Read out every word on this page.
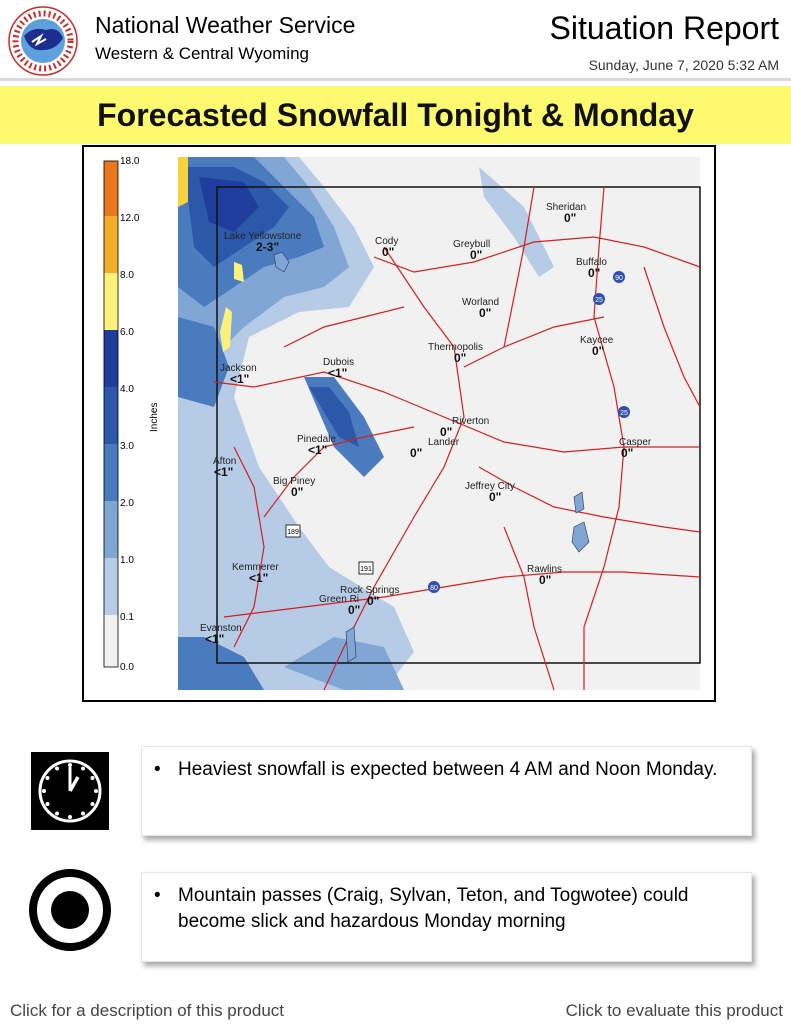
National Weather Service
Western & Central Wyoming
Situation Report
Sunday, June 7, 2020 5:32 AM
Forecasted Snowfall Tonight & Monday
90
25
25
189
191
80
Lake Yellowstone
2-3"	Cody
0"
Greybull
0"
Sheridan
0"
Buffalo
0"
Worland
0"
Thermopolis
0"
Kaycee
0"
Jackson
<1"
Dubois
<1"
Riverton
0"
Lander
0"
Pinedale
<1"
Casper
0"
Afton
<1"
Big Piney
0"	Jeffrey City
0"
Kemmerer
<1"
Rawlins
0"
Rock Springs
0"
Green Ri
0"
Evanston
<1"
18.0
12.0
8.0
6.0
4.0
3.0
2.0
1.0
0.1
0.0
Inches
• Heaviest snowfall is expected between 4 AM and Noon Monday.
• Mountain passes (Craig, Sylvan, Teton, and Togwotee) could become slick and hazardous Monday morning
Click for a description of this product	Click to evaluate this product
